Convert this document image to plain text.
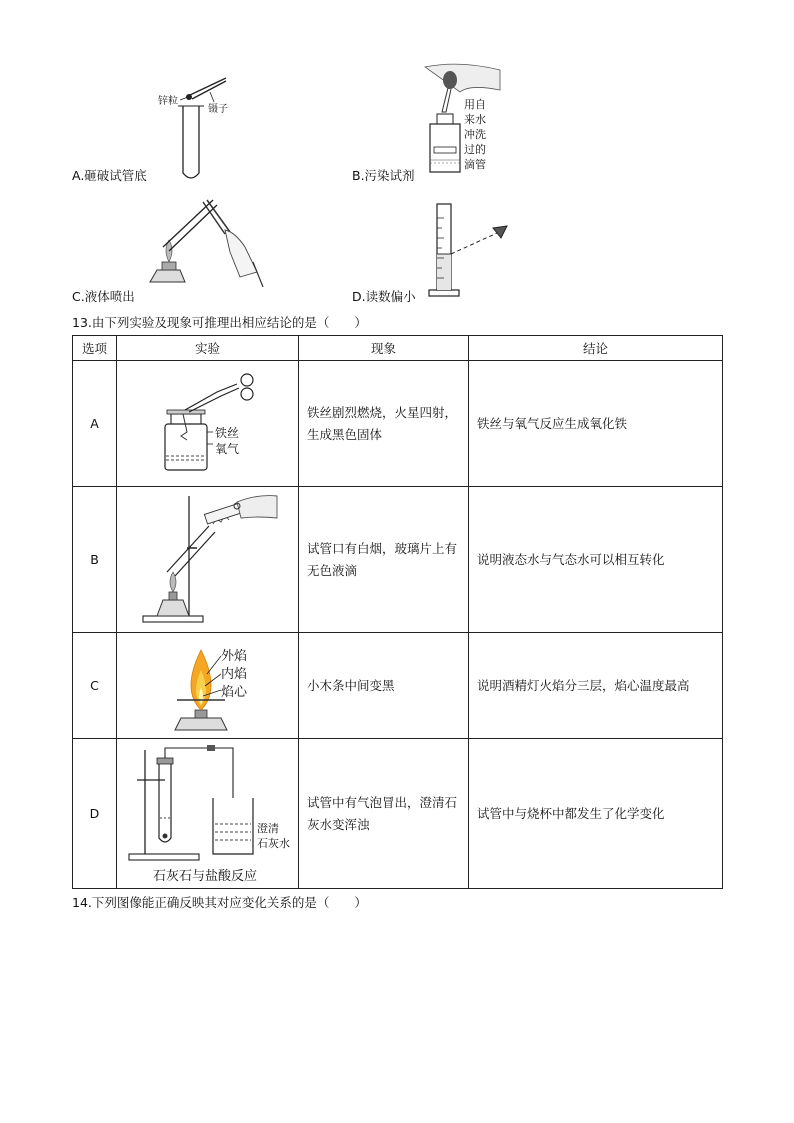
锌粒
镊子
A.砸破试管底
用自
来水
冲洗
过的
滴管
B.污染试剂
C.液体喷出	D.读数偏小
13.由下列实验及现象可推理出相应结论的是（　　）
选项	实验	现象	结论
A	铁丝
氧气	铁丝剧烈燃烧，火星四射，生成黑色固体	铁丝与氧气反应生成氧化铁
B		试管口有白烟，玻璃片上有无色液滴	说明液态水与气态水可以相互转化
C	外焰
内焰
焰心	小木条中间变黑	说明酒精灯火焰分三层，焰心温度最高
D	澄清
石灰水
石灰石与盐酸反应	试管中有气泡冒出，澄清石灰水变浑浊	试管中与烧杯中都发生了化学变化
14.下列图像能正确反映其对应变化关系的是（　　）
